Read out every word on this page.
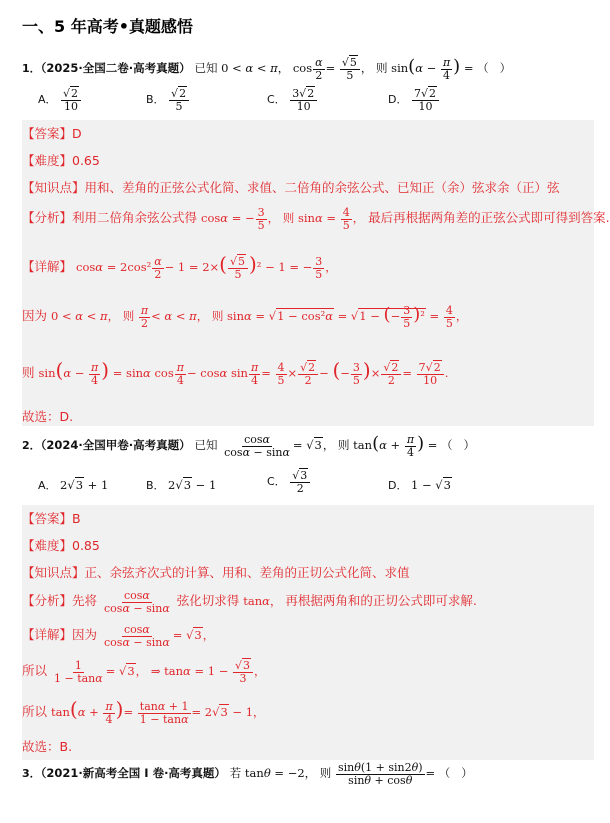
一、5 年高考•真题感悟
1．（2025·全国二卷·高考真题） 已知 0 < α < π， $\cos \frac{\alpha}{2} = \frac{√5}{5}$ ， 则 $\sin(\alpha - \frac{\pi}{4}$ ) = （   ）
A． $\frac{√2}{10}$	B． $\frac{√2}{5}$	C． $\frac{3√2}{10}$	D． $\frac{7√2}{10}$
【答案】D
【难度】0.65
【知识点】用和、差角的正弦公式化简、求值、二倍角的余弦公式、已知正（余）弦求余（正）弦
【分析】利用二倍角余弦公式得 cosα = − $\frac{3}{5}$ ， 则 $\sin\alpha = \frac{4}{5}$ ， 最后再根据两角差的正弦公式即可得到答案.
【详解】 $\cos\alpha = 2\cos^2 \frac{\alpha}{2} - 1 = 2\times( \frac{√5}{5} )^2 - 1$ = − $\frac{3}{5}$ ，
因为 0 < α < π， 则 $\frac{\pi}{2} < \alpha < \pi$， 则 sinα = √1 − cos²α = √1 − (− $\frac{3}{5} )^2 = \frac{4}{5}$ ，
则 $\sin(\alpha - \frac{\pi}{4}$ ) = sinα $\cos \frac{\pi}{4} - \cos\alpha$ $\sin \frac{\pi}{4} = \frac{4}{5} \times \frac{√2}{2}$ − (− $\frac{3}{5}$ )× $\frac{√2}{2} = \frac{7√2}{10}$ .
故选：D.
2．（2024·全国甲卷·高考真题） 已知 $\frac{\cos\alpha}{\cos\alpha - \sin\alpha} = √3$， 则 $\tan(\alpha + \frac{\pi}{4}$ ) = （   ）
A． 2√3 + 1	B． 2√3 − 1	C． $\frac{√3}{2}$	D． 1 − √3
【答案】B
【难度】0.85
【知识点】正、余弦齐次式的计算、用和、差角的正切公式化简、求值
【分析】先将 $\frac{\cos\alpha}{\cos\alpha - \sin\alpha}$ 弦化切求得 tanα， 再根据两角和的正切公式即可求解.
【详解】因为 $\frac{\cos\alpha}{\cos\alpha - \sin\alpha} = √3$，
所以 $\frac{1}{1 - \tan\alpha} = √3$， ⇒ $\tan\alpha = 1 - \frac{√3}{3}$ ，
所以 $\tan(\alpha + \frac{\pi}{4}$ )= $\frac{\tan\alpha + 1}{1 - \tan\alpha} = 2√3 - 1$，
故选：B.
3．（2021·新高考全国 Ⅰ 卷·高考真题） 若 tanθ = −2， 则 $\frac{\sin\theta(1 + \sin 2\theta)}{\sin\theta + \cos\theta}$ = （   ）
